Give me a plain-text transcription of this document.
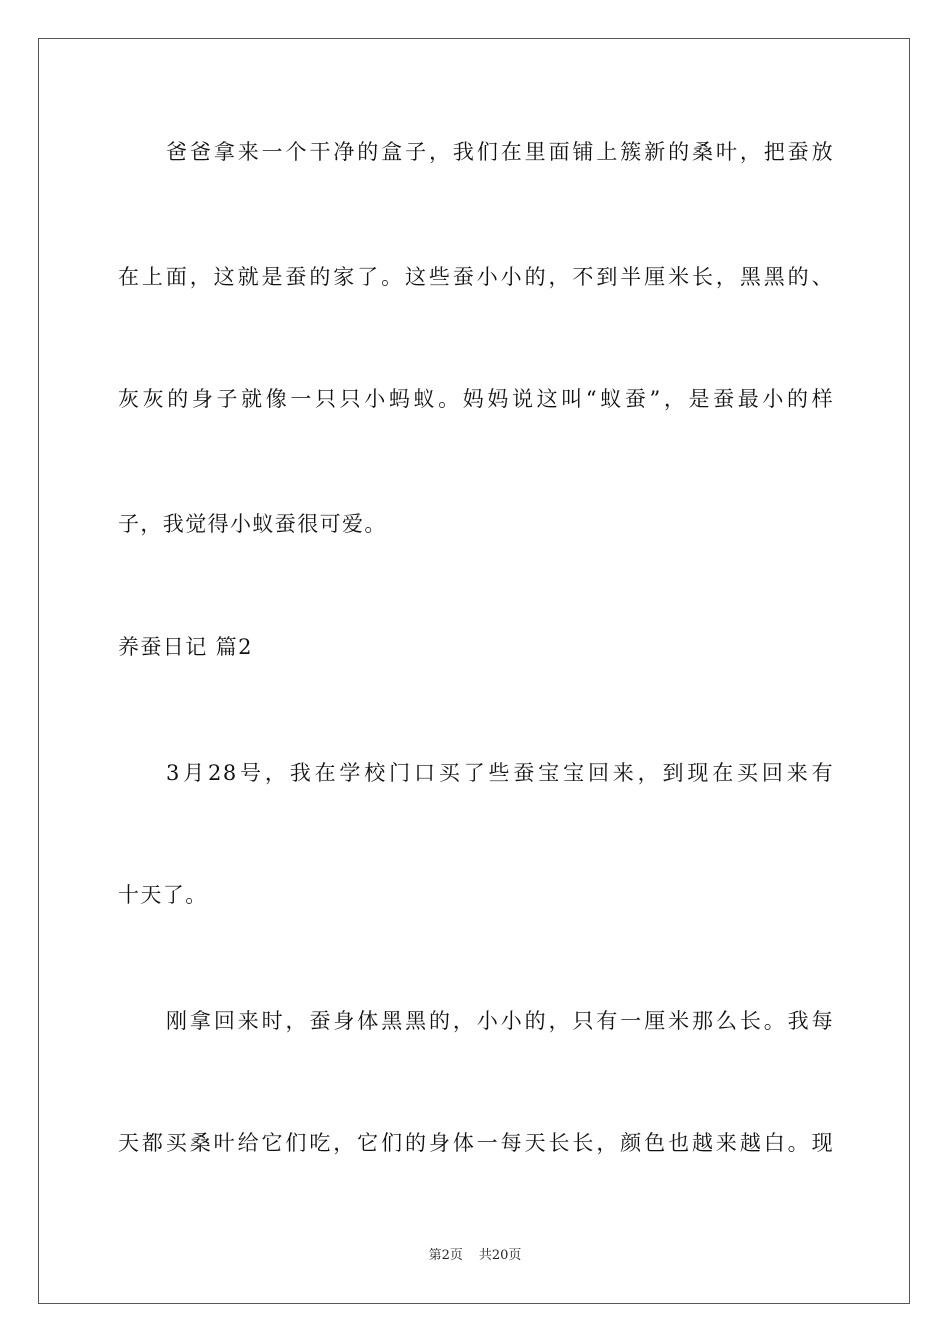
爸爸拿来一个干净的盒子，我们在里面铺上簇新的桑叶，把蚕放
在上面，这就是蚕的家了。这些蚕小小的，不到半厘米长，黑黑的、
灰灰的身子就像一只只小蚂蚁。妈妈说这叫“蚁蚕”，是蚕最小的样
子，我觉得小蚁蚕很可爱。
养蚕日记 篇2
3月28号，我在学校门口买了些蚕宝宝回来，到现在买回来有
十天了。
刚拿回来时，蚕身体黑黑的，小小的，只有一厘米那么长。我每
天都买桑叶给它们吃，它们的身体一每天长长，颜色也越来越白。现
第2页 共20页
